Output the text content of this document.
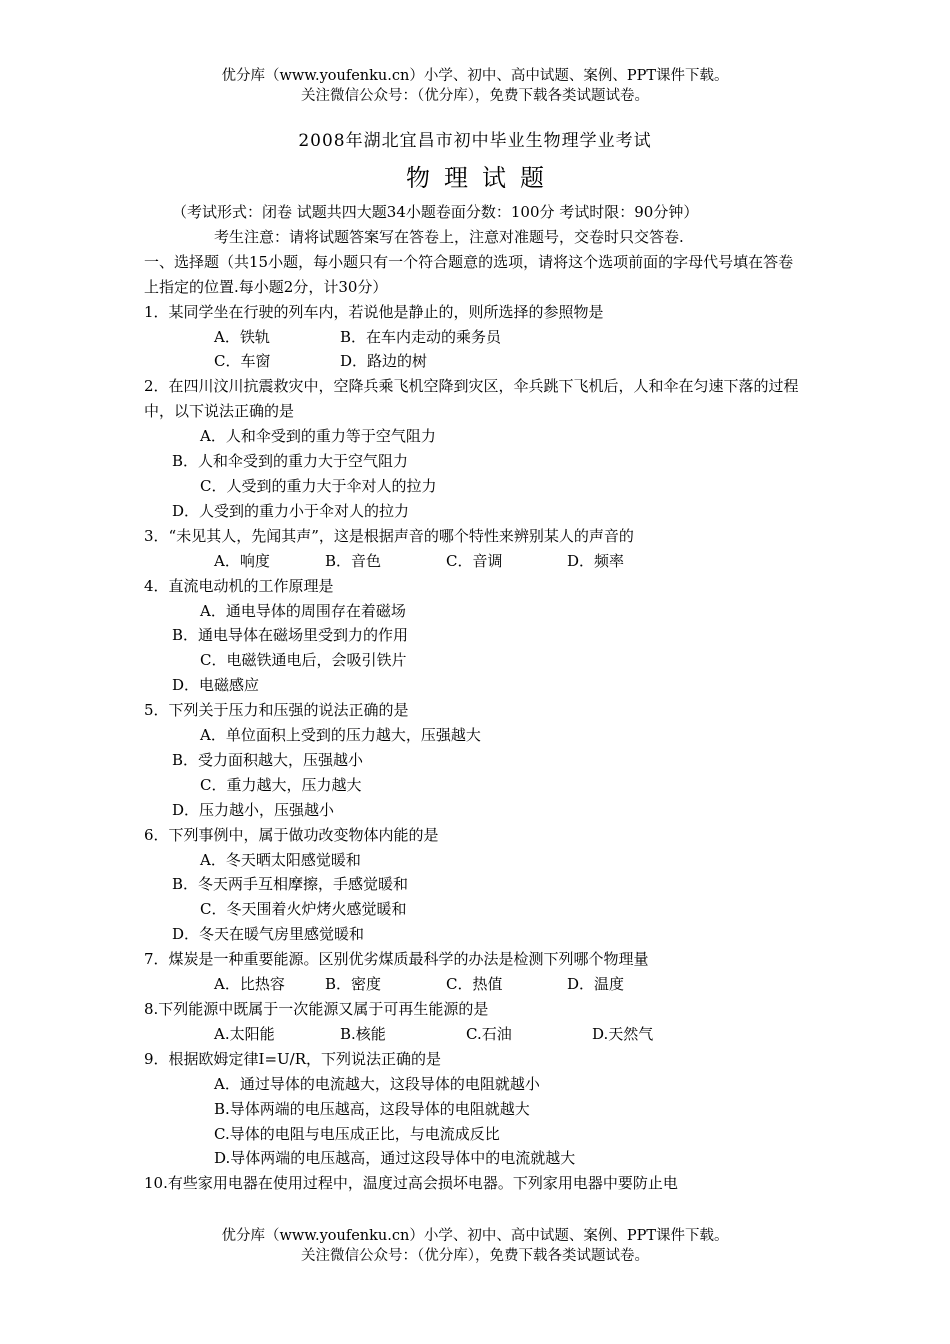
优分库（www.youfenku.cn）小学、初中、高中试题、案例、PPT课件下载。
关注微信公众号：（优分库），免费下载各类试题试卷。
2008年湖北宜昌市初中毕业生物理学业考试
物理试题
（考试形式：闭卷 试题共四大题34小题卷面分数：100分 考试时限：90分钟）
考生注意：请将试题答案写在答卷上，注意对准题号，交卷时只交答卷.
一、选择题（共15小题，每小题只有一个符合题意的选项，请将这个选项前面的字母代号填在答卷上指定的位置.每小题2分，计30分）
1．某同学坐在行驶的列车内，若说他是静止的，则所选择的参照物是
A．铁轨	B．在车内走动的乘务员
C．车窗	D．路边的树
2．在四川汶川抗震救灾中，空降兵乘飞机空降到灾区，伞兵跳下飞机后，人和伞在匀速下落的过程中，以下说法正确的是
A．人和伞受到的重力等于空气阻力
B．人和伞受到的重力大于空气阻力
C．人受到的重力大于伞对人的拉力
D．人受到的重力小于伞对人的拉力
3．“未见其人，先闻其声”，这是根据声音的哪个特性来辨别某人的声音的
A．响度	B．音色	C．音调	D．频率
4．直流电动机的工作原理是
A．通电导体的周围存在着磁场
B．通电导体在磁场里受到力的作用
C．电磁铁通电后，会吸引铁片
D．电磁感应
5．下列关于压力和压强的说法正确的是
A．单位面积上受到的压力越大，压强越大
B．受力面积越大，压强越小
C．重力越大，压力越大
D．压力越小，压强越小
6．下列事例中，属于做功改变物体内能的是
A．冬天晒太阳感觉暖和
B．冬天两手互相摩擦，手感觉暖和
C．冬天围着火炉烤火感觉暖和
D．冬天在暖气房里感觉暖和
7．煤炭是一种重要能源。区别优劣煤质最科学的办法是检测下列哪个物理量
A．比热容	B．密度	C．热值	D．温度
8.下列能源中既属于一次能源又属于可再生能源的是
A.太阳能	B.核能	C.石油	D.天然气
9．根据欧姆定律I=U/R，下列说法正确的是
A．通过导体的电流越大，这段导体的电阻就越小
B.导体两端的电压越高，这段导体的电阻就越大
C.导体的电阻与电压成正比，与电流成反比
D.导体两端的电压越高，通过这段导体中的电流就越大
10.有些家用电器在使用过程中，温度过高会损坏电器。下列家用电器中要防止电
优分库（www.youfenku.cn）小学、初中、高中试题、案例、PPT课件下载。
关注微信公众号：（优分库），免费下载各类试题试卷。
